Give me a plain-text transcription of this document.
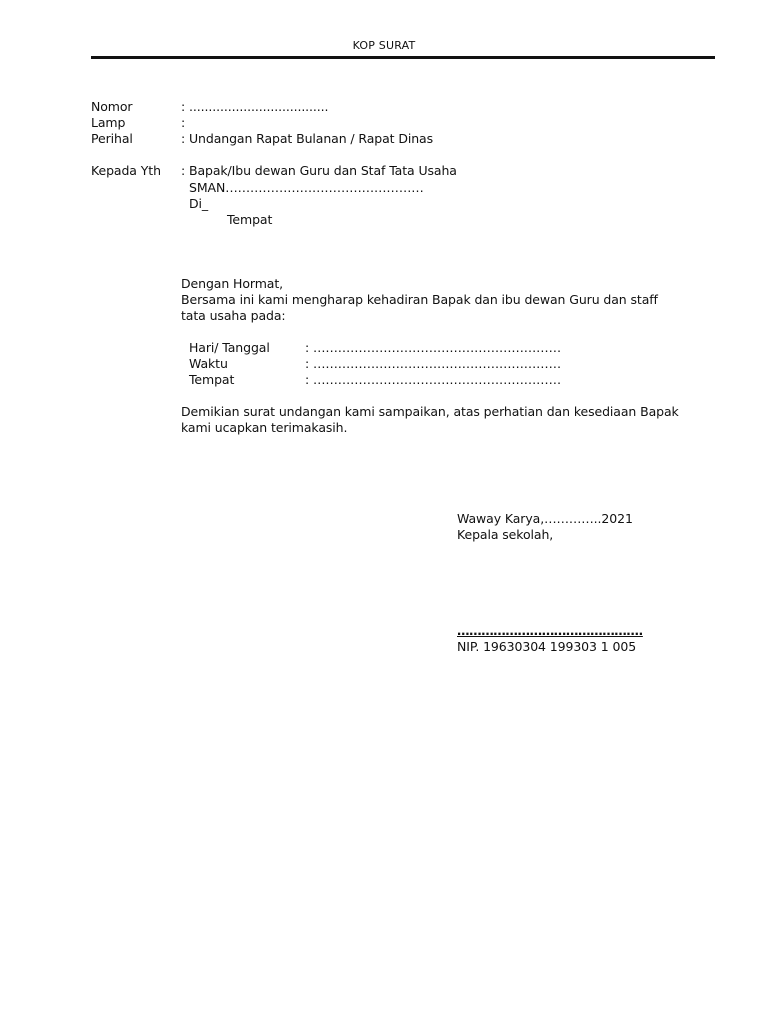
KOP SURAT
Nomor	: ....................................
Lamp	:
Perihal	: Undangan Rapat Bulanan / Rapat Dinas
Kepada Yth : Bapak/Ibu dewan Guru dan Staf Tata Usaha
SMAN…………………………………………
Di_
Tempat
Dengan Hormat,
Bersama ini kami mengharap kehadiran Bapak dan ibu dewan Guru dan staff
tata usaha pada:
Hari/ Tanggal	: ……………………………………………………
Waktu	: ……………………………………………………
Tempat	: ……………………………………………………
Demikian surat undangan kami sampaikan, atas perhatian dan kesediaan Bapak
kami ucapkan terimakasih.
Waway Karya,…………..2021
Kepala sekolah,
……………………………………….
NIP. 19630304 199303 1 005
